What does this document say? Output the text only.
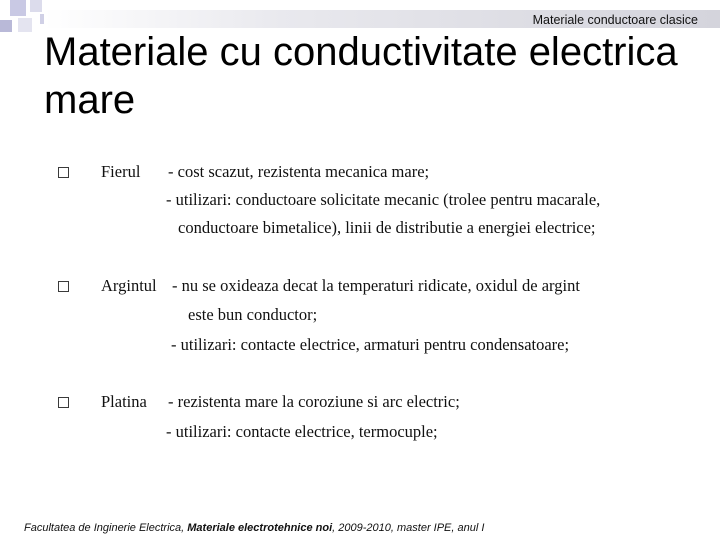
Materiale conductoare clasice
Materiale cu conductivitate electrica mare
Fierul - cost scazut, rezistenta mecanica mare;
- utilizari: conductoare solicitate mecanic (trolee pentru macarale,
conductoare bimetalice), linii de distributie a energiei electrice;
Argintul - nu se oxideaza decat la temperaturi ridicate, oxidul de argint
este bun conductor;
- utilizari: contacte electrice, armaturi pentru condensatoare;
Platina - rezistenta mare la coroziune si arc electric;
- utilizari: contacte electrice, termocuple;
Facultatea de Inginerie Electrica, Materiale electrotehnice noi, 2009-2010, master IPE, anul I
